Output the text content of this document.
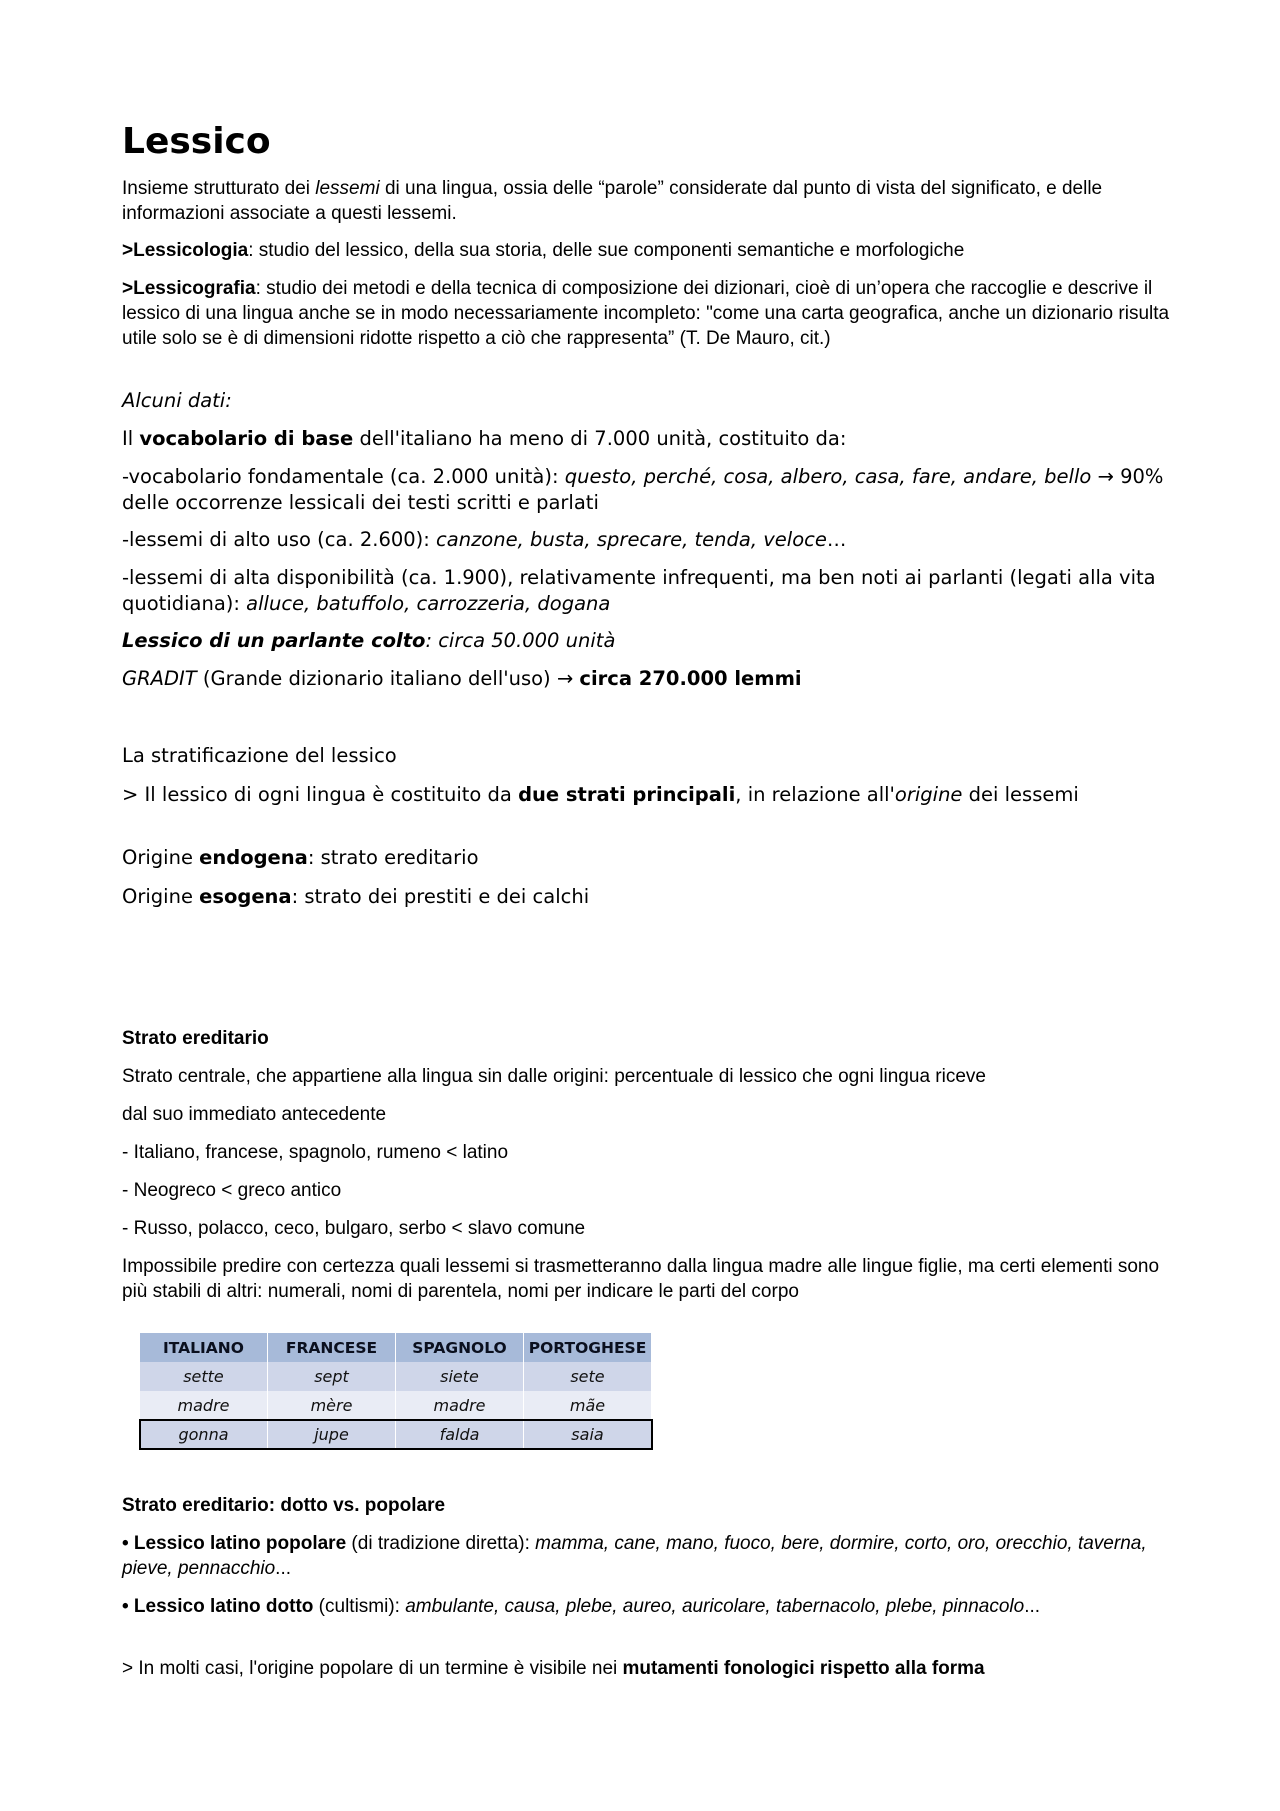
Lessico

Insieme strutturato dei lessemi di una lingua, ossia delle “parole” considerate dal punto di vista del significato, e delle informazioni associate a questi lessemi.

>Lessicologia: studio del lessico, della sua storia, delle sue componenti semantiche e morfologiche

>Lessicografia: studio dei metodi e della tecnica di composizione dei dizionari, cioè di un’opera che raccoglie e descrive il lessico di una lingua anche se in modo necessariamente incompleto: "come una carta geografica, anche un dizionario risulta utile solo se è di dimensioni ridotte rispetto a ciò che rappresenta” (T. De Mauro, cit.)

Alcuni dati:

Il vocabolario di base dell'italiano ha meno di 7.000 unità, costituito da:

-vocabolario fondamentale (ca. 2.000 unità): questo, perché, cosa, albero, casa, fare, andare, bello → 90% delle occorrenze lessicali dei testi scritti e parlati

-lessemi di alto uso (ca. 2.600): canzone, busta, sprecare, tenda, veloce…

-lessemi di alta disponibilità (ca. 1.900), relativamente infrequenti, ma ben noti ai parlanti (legati alla vita quotidiana): alluce, batuffolo, carrozzeria, dogana

Lessico di un parlante colto: circa 50.000 unità

GRADIT (Grande dizionario italiano dell'uso) → circa 270.000 lemmi

La stratificazione del lessico

> Il lessico di ogni lingua è costituito da due strati principali, in relazione all'origine dei lessemi

Origine endogena: strato ereditario

Origine esogena: strato dei prestiti e dei calchi

Strato ereditario

Strato centrale, che appartiene alla lingua sin dalle origini: percentuale di lessico che ogni lingua riceve

dal suo immediato antecedente

- Italiano, francese, spagnolo, rumeno < latino

- Neogreco < greco antico

- Russo, polacco, ceco, bulgaro, serbo < slavo comune

Impossibile predire con certezza quali lessemi si trasmetteranno dalla lingua madre alle lingue figlie, ma certi elementi sono più stabili di altri: numerali, nomi di parentela, nomi per indicare le parti del corpo

ITALIANO	FRANCESE	SPAGNOLO	PORTOGHESE
sette	sept	siete	sete
madre	mère	madre	mãe
gonna	jupe	falda	saia

Strato ereditario: dotto vs. popolare

• Lessico latino popolare (di tradizione diretta): mamma, cane, mano, fuoco, bere, dormire, corto, oro, orecchio, taverna, pieve, pennacchio...

• Lessico latino dotto (cultismi): ambulante, causa, plebe, aureo, auricolare, tabernacolo, plebe, pinnacolo...

> In molti casi, l'origine popolare di un termine è visibile nei mutamenti fonologici rispetto alla forma
